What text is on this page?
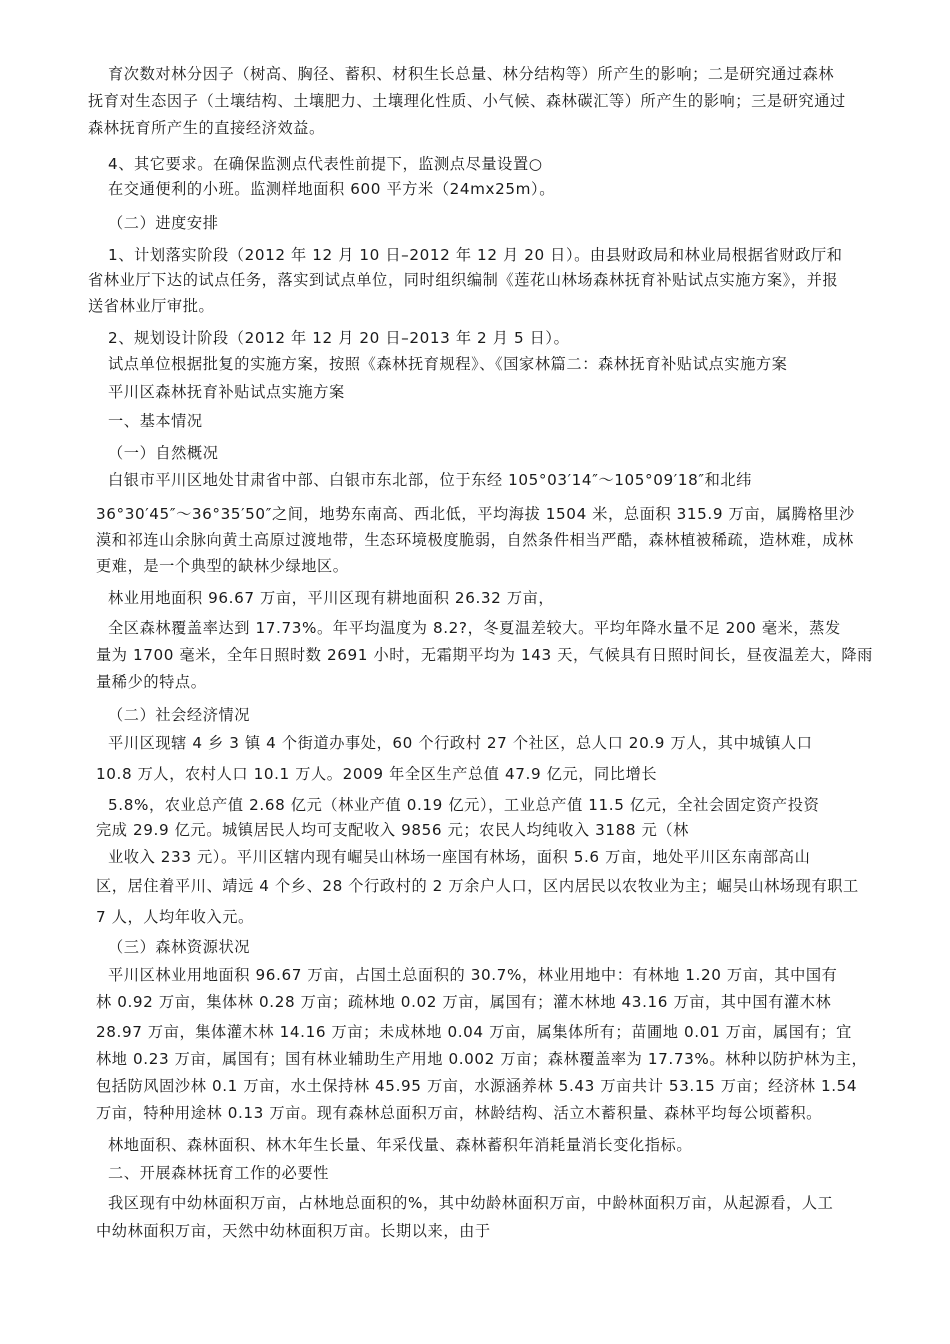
育次数对林分因子（树高、胸径、蓄积、材积生长总量、林分结构等）所产生的影响；二是研究通过森林
抚育对生态因子（土壤结构、土壤肥力、土壤理化性质、小气候、森林碳汇等）所产生的影响；三是研究通过
森林抚育所产生的直接经济效益。
4、其它要求。在确保监测点代表性前提下，监测点尽量设置○
在交通便利的小班。监测样地面积 600 平方米（24mx25m）。
（二）进度安排
1、计划落实阶段（2012 年 12 月 10 日–2012 年 12 月 20 日）。由县财政局和林业局根据省财政厅和
省林业厅下达的试点任务，落实到试点单位，同时组织编制《莲花山林场森林抚育补贴试点实施方案》，并报
送省林业厅审批。
2、规划设计阶段（2012 年 12 月 20 日–2013 年 2 月 5 日）。
试点单位根据批复的实施方案，按照《森林抚育规程》、《国家林篇二：森林抚育补贴试点实施方案
平川区森林抚育补贴试点实施方案
一、基本情况
（一）自然概况
白银市平川区地处甘肃省中部、白银市东北部，位于东经 105°03′14″～105°09′18″和北纬
36°30′45″～36°35′50″之间，地势东南高、西北低，平均海拔 1504 米，总面积 315.9 万亩，属腾格里沙
漠和祁连山余脉向黄土高原过渡地带，生态环境极度脆弱，自然条件相当严酷，森林植被稀疏，造林难，成林
更难，是一个典型的缺林少绿地区。
林业用地面积 96.67 万亩，平川区现有耕地面积 26.32 万亩，
全区森林覆盖率达到 17.73%。年平均温度为 8.2?，冬夏温差较大。平均年降水量不足 200 毫米，蒸发
量为 1700 毫米，全年日照时数 2691 小时，无霜期平均为 143 天，气候具有日照时间长，昼夜温差大，降雨
量稀少的特点。
（二）社会经济情况
平川区现辖 4 乡 3 镇 4 个街道办事处，60 个行政村 27 个社区，总人口 20.9 万人，其中城镇人口
10.8 万人，农村人口 10.1 万人。2009 年全区生产总值 47.9 亿元，同比增长
5.8%，农业总产值 2.68 亿元（林业产值 0.19 亿元），工业总产值 11.5 亿元，全社会固定资产投资
完成 29.9 亿元。城镇居民人均可支配收入 9856 元；农民人均纯收入 3188 元（林
业收入 233 元）。平川区辖内现有崛吴山林场一座国有林场，面积 5.6 万亩，地处平川区东南部高山
区，居住着平川、靖远 4 个乡、28 个行政村的 2 万余户人口，区内居民以农牧业为主；崛吴山林场现有职工
7 人，人均年收入元。
（三）森林资源状况
平川区林业用地面积 96.67 万亩，占国土总面积的 30.7%，林业用地中：有林地 1.20 万亩，其中国有
林 0.92 万亩，集体林 0.28 万亩；疏林地 0.02 万亩，属国有；灌木林地 43.16 万亩，其中国有灌木林
28.97 万亩，集体灌木林 14.16 万亩；未成林地 0.04 万亩，属集体所有；苗圃地 0.01 万亩，属国有；宜
林地 0.23 万亩，属国有；国有林业辅助生产用地 0.002 万亩；森林覆盖率为 17.73%。林种以防护林为主，
包括防风固沙林 0.1 万亩，水土保持林 45.95 万亩，水源涵养林 5.43 万亩共计 53.15 万亩；经济林 1.54
万亩，特种用途林 0.13 万亩。现有森林总面积万亩，林龄结构、活立木蓄积量、森林平均每公顷蓄积。
林地面积、森林面积、林木年生长量、年采伐量、森林蓄积年消耗量消长变化指标。
二、开展森林抚育工作的必要性
我区现有中幼林面积万亩，占林地总面积的%，其中幼龄林面积万亩，中龄林面积万亩，从起源看，人工
中幼林面积万亩，天然中幼林面积万亩。长期以来，由于
